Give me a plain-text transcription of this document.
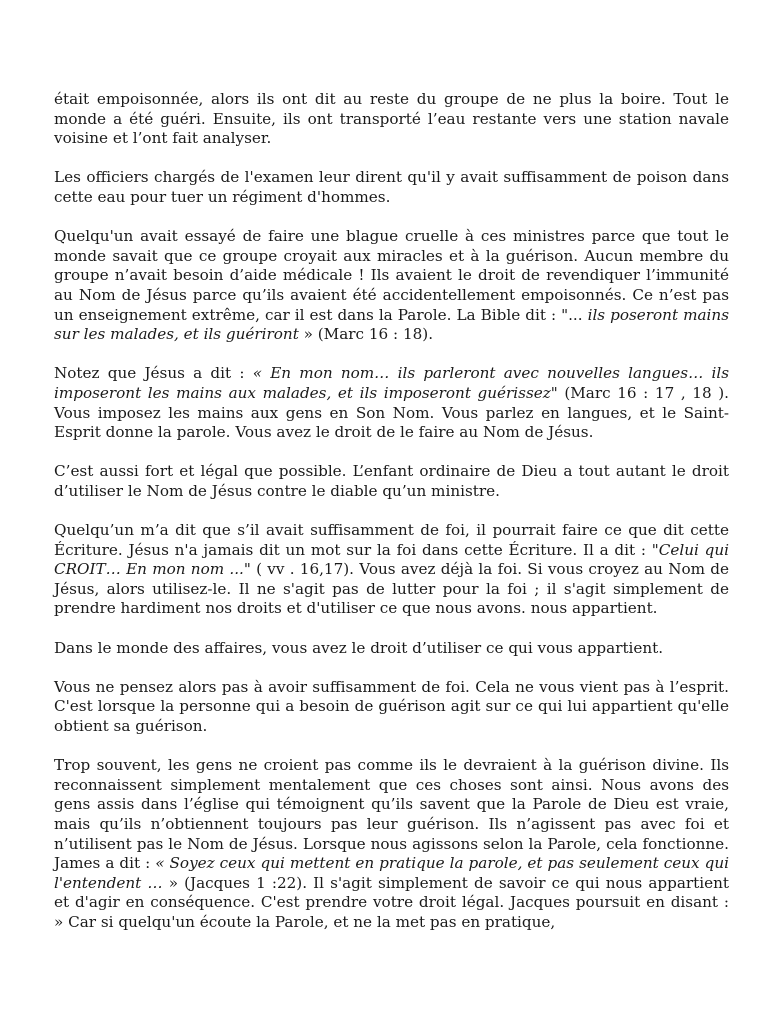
était empoisonnée, alors ils ont dit au reste du groupe de ne plus la boire. Tout le monde a été guéri. Ensuite, ils ont transporté l’eau restante vers une station navale voisine et l’ont fait analyser.

Les officiers chargés de l'examen leur dirent qu'il y avait suffisamment de poison dans cette eau pour tuer un régiment d'hommes.

Quelqu'un avait essayé de faire une blague cruelle à ces ministres parce que tout le monde savait que ce groupe croyait aux miracles et à la guérison. Aucun membre du groupe n’avait besoin d’aide médicale ! Ils avaient le droit de revendiquer l’immunité au Nom de Jésus parce qu’ils avaient été accidentellement empoisonnés. Ce n’est pas un enseignement extrême, car il est dans la Parole. La Bible dit : "... ils poseront mains sur les malades, et ils guériront » (Marc 16 : 18).

Notez que Jésus a dit : « En mon nom… ils parleront avec nouvelles langues… ils imposeront les mains aux malades, et ils imposeront guérissez" (Marc 16 : 17 , 18 ). Vous imposez les mains aux gens en Son Nom. Vous parlez en langues, et le Saint-Esprit donne la parole. Vous avez le droit de le faire au Nom de Jésus.

C’est aussi fort et légal que possible. L’enfant ordinaire de Dieu a tout autant le droit d’utiliser le Nom de Jésus contre le diable qu’un ministre.

Quelqu’un m’a dit que s’il avait suffisamment de foi, il pourrait faire ce que dit cette Écriture. Jésus n'a jamais dit un mot sur la foi dans cette Écriture. Il a dit : "Celui qui CROIT… En mon nom ..." ( vv . 16,17). Vous avez déjà la foi. Si vous croyez au Nom de Jésus, alors utilisez-le. Il ne s'agit pas de lutter pour la foi ; il s'agit simplement de prendre hardiment nos droits et d'utiliser ce que nous avons. nous appartient.

Dans le monde des affaires, vous avez le droit d’utiliser ce qui vous appartient.

Vous ne pensez alors pas à avoir suffisamment de foi. Cela ne vous vient pas à l’esprit. C'est lorsque la personne qui a besoin de guérison agit sur ce qui lui appartient qu'elle obtient sa guérison.

Trop souvent, les gens ne croient pas comme ils le devraient à la guérison divine. Ils reconnaissent simplement mentalement que ces choses sont ainsi. Nous avons des gens assis dans l’église qui témoignent qu’ils savent que la Parole de Dieu est vraie, mais qu’ils n’obtiennent toujours pas leur guérison. Ils n’agissent pas avec foi et n’utilisent pas le Nom de Jésus. Lorsque nous agissons selon la Parole, cela fonctionne. James a dit : « Soyez ceux qui mettent en pratique la parole, et pas seulement ceux qui l'entendent … » (Jacques 1 :22). Il s'agit simplement de savoir ce qui nous appartient et d'agir en conséquence. C'est prendre votre droit légal. Jacques poursuit en disant : » Car si quelqu'un écoute la Parole, et ne la met pas en pratique,
